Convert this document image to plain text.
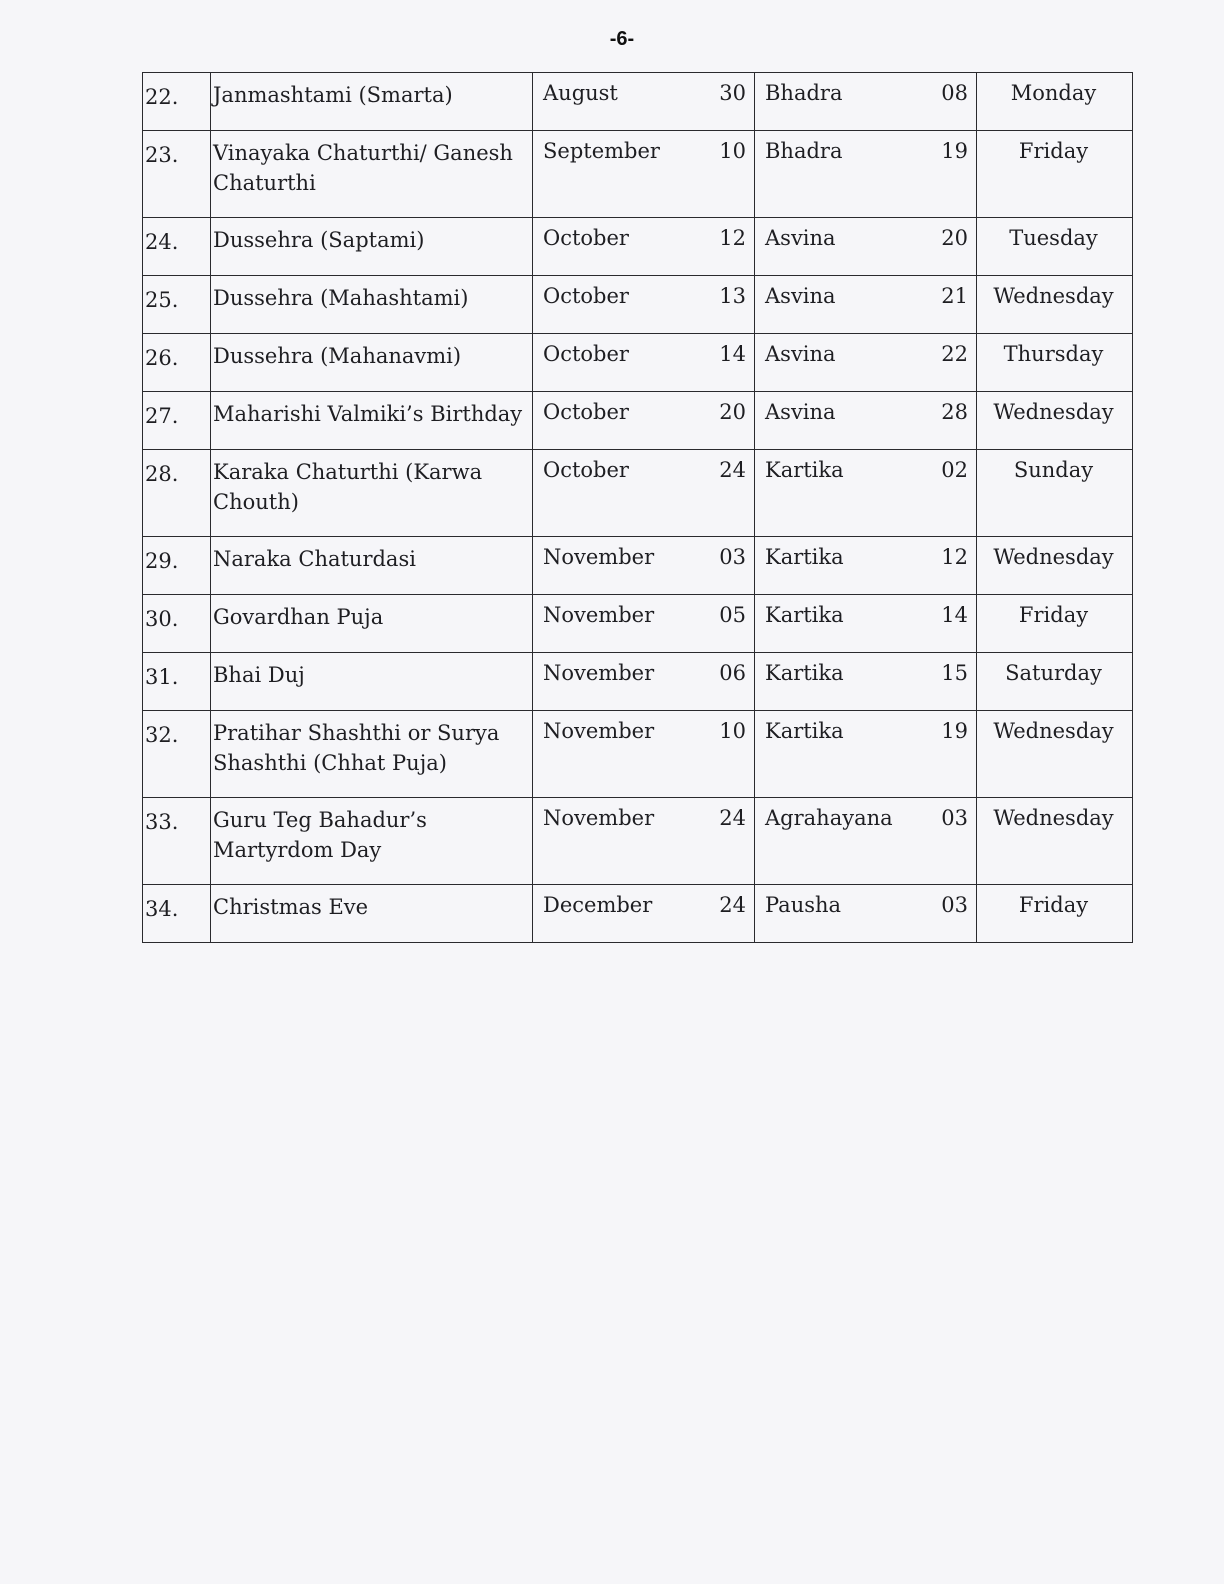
-6-
22.	Janmashtami (Smarta)	August 30	Bhadra 08	Monday
23.	Vinayaka Chaturthi/ Ganesh Chaturthi	September 10	Bhadra 19	Friday
24.	Dussehra (Saptami)	October 12	Asvina 20	Tuesday
25.	Dussehra (Mahashtami)	October 13	Asvina 21	Wednesday
26.	Dussehra (Mahanavmi)	October 14	Asvina 22	Thursday
27.	Maharishi Valmiki’s Birthday	October 20	Asvina 28	Wednesday
28.	Karaka Chaturthi (Karwa Chouth)	October 24	Kartika 02	Sunday
29.	Naraka Chaturdasi	November 03	Kartika 12	Wednesday
30.	Govardhan Puja	November 05	Kartika 14	Friday
31.	Bhai Duj	November 06	Kartika 15	Saturday
32.	Pratihar Shashthi or Surya Shashthi (Chhat Puja)	November 10	Kartika 19	Wednesday
33.	Guru Teg Bahadur’s Martyrdom Day	November 24	Agrahayana 03	Wednesday
34.	Christmas Eve	December 24	Pausha 03	Friday
